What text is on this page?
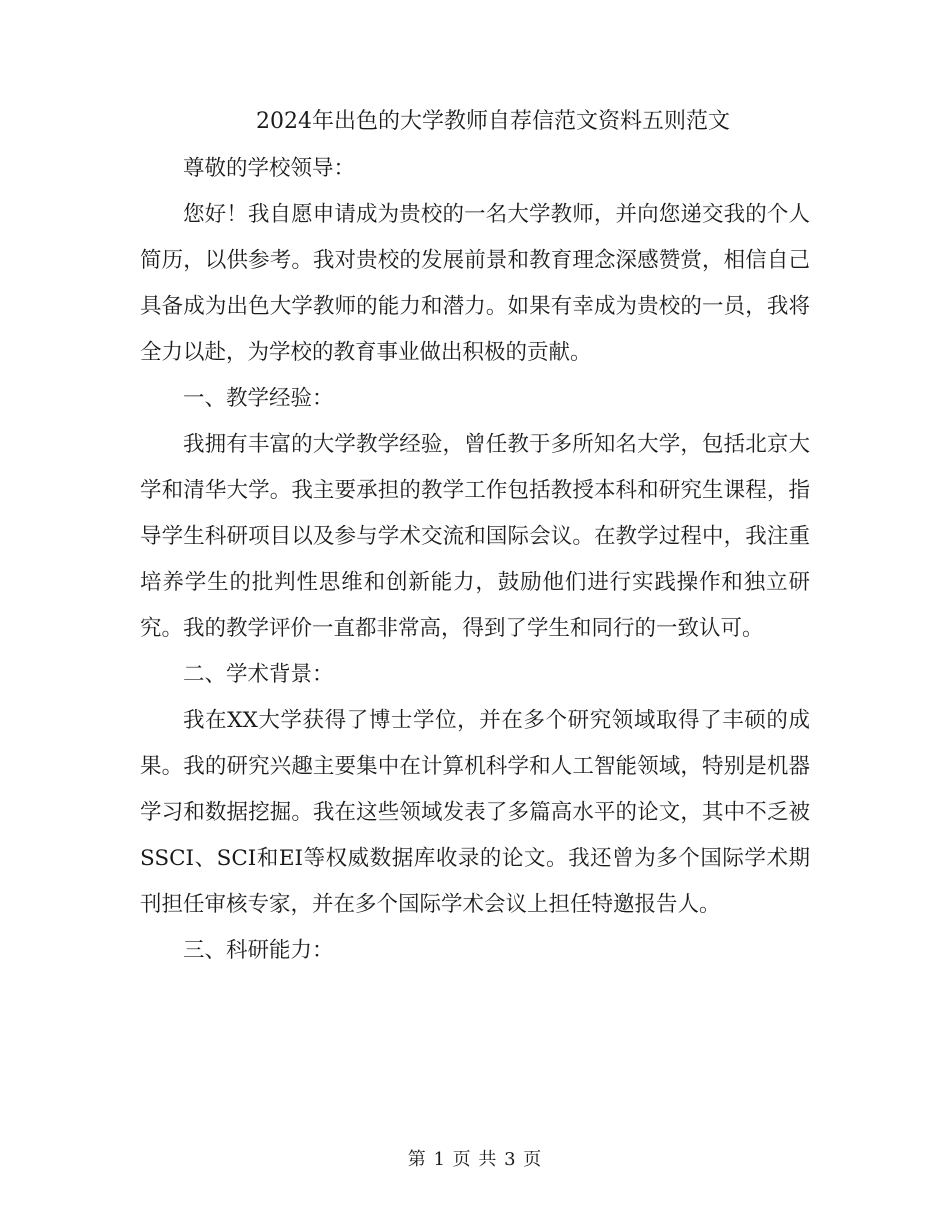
2024年出色的大学教师自荐信范文资料五则范文

尊敬的学校领导：

您好！我自愿申请成为贵校的一名大学教师，并向您递交我的个人简历，以供参考。我对贵校的发展前景和教育理念深感赞赏，相信自己具备成为出色大学教师的能力和潜力。如果有幸成为贵校的一员，我将全力以赴，为学校的教育事业做出积极的贡献。

一、教学经验：

我拥有丰富的大学教学经验，曾任教于多所知名大学，包括北京大学和清华大学。我主要承担的教学工作包括教授本科和研究生课程，指导学生科研项目以及参与学术交流和国际会议。在教学过程中，我注重培养学生的批判性思维和创新能力，鼓励他们进行实践操作和独立研究。我的教学评价一直都非常高，得到了学生和同行的一致认可。

二、学术背景：

我在XX大学获得了博士学位，并在多个研究领域取得了丰硕的成果。我的研究兴趣主要集中在计算机科学和人工智能领域，特别是机器学习和数据挖掘。我在这些领域发表了多篇高水平的论文，其中不乏被SSCI、SCI和EI等权威数据库收录的论文。我还曾为多个国际学术期刊担任审核专家，并在多个国际学术会议上担任特邀报告人。

三、科研能力：

第 1 页 共 3 页
